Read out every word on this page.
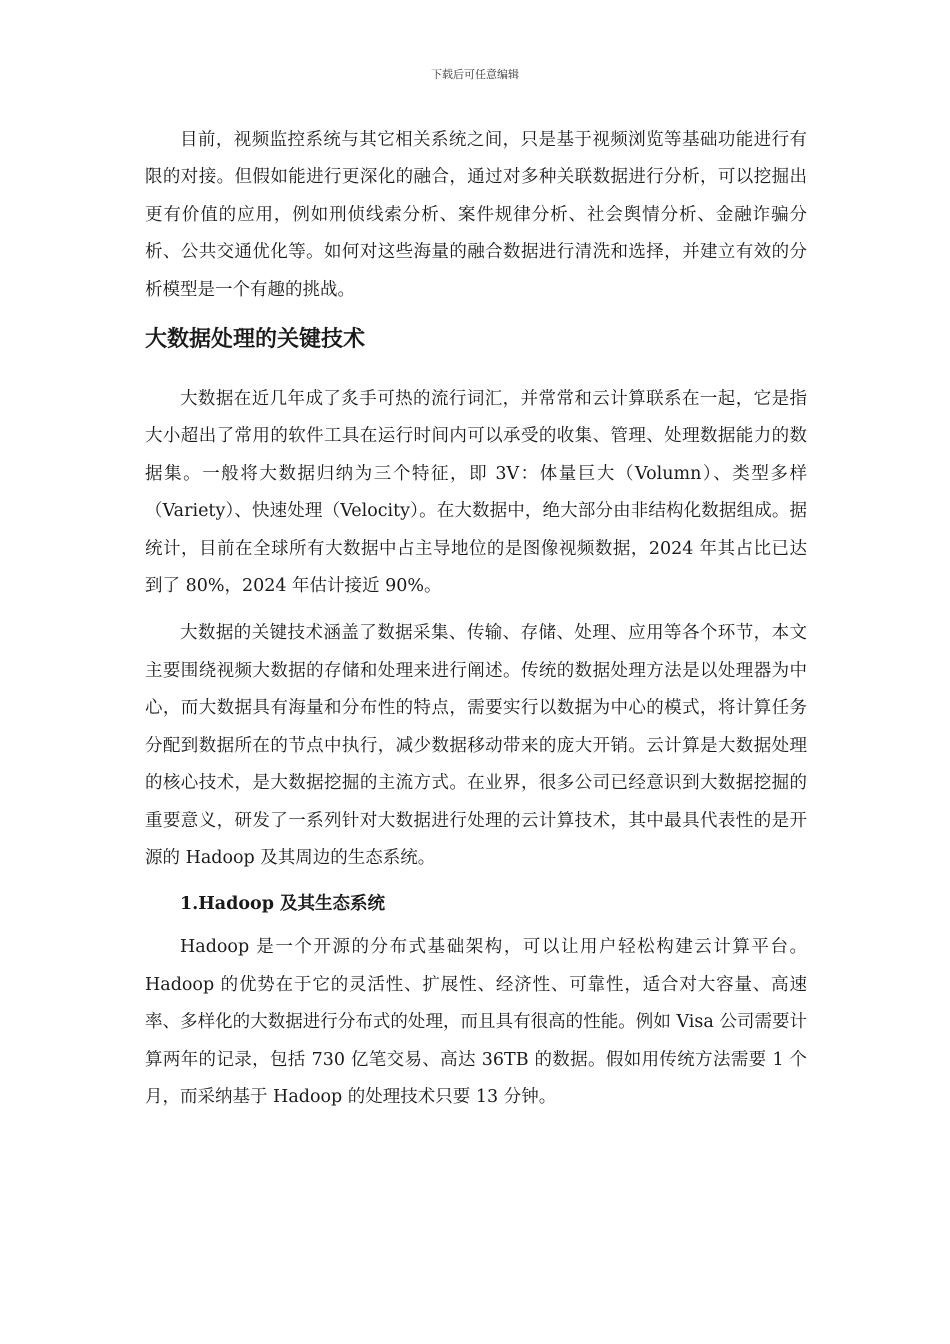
下载后可任意编辑

目前，视频监控系统与其它相关系统之间，只是基于视频浏览等基础功能进行有限的对接。但假如能进行更深化的融合，通过对多种关联数据进行分析，可以挖掘出更有价值的应用，例如刑侦线索分析、案件规律分析、社会舆情分析、金融诈骗分析、公共交通优化等。如何对这些海量的融合数据进行清洗和选择，并建立有效的分析模型是一个有趣的挑战。

大数据处理的关键技术

大数据在近几年成了炙手可热的流行词汇，并常常和云计算联系在一起，它是指大小超出了常用的软件工具在运行时间内可以承受的收集、管理、处理数据能力的数据集。一般将大数据归纳为三个特征，即 3V：体量巨大（Volumn）、类型多样（Variety）、快速处理（Velocity）。在大数据中，绝大部分由非结构化数据组成。据统计，目前在全球所有大数据中占主导地位的是图像视频数据，2024 年其占比已达到了 80%，2024 年估计接近 90%。

大数据的关键技术涵盖了数据采集、传输、存储、处理、应用等各个环节，本文主要围绕视频大数据的存储和处理来进行阐述。传统的数据处理方法是以处理器为中心，而大数据具有海量和分布性的特点，需要实行以数据为中心的模式，将计算任务分配到数据所在的节点中执行，减少数据移动带来的庞大开销。云计算是大数据处理的核心技术，是大数据挖掘的主流方式。在业界，很多公司已经意识到大数据挖掘的重要意义，研发了一系列针对大数据进行处理的云计算技术，其中最具代表性的是开源的 Hadoop 及其周边的生态系统。

1.Hadoop 及其生态系统

Hadoop 是一个开源的分布式基础架构，可以让用户轻松构建云计算平台。Hadoop 的优势在于它的灵活性、扩展性、经济性、可靠性，适合对大容量、高速率、多样化的大数据进行分布式的处理，而且具有很高的性能。例如 Visa 公司需要计算两年的记录，包括 730 亿笔交易、高达 36TB 的数据。假如用传统方法需要 1 个月，而采纳基于 Hadoop 的处理技术只要 13 分钟。
